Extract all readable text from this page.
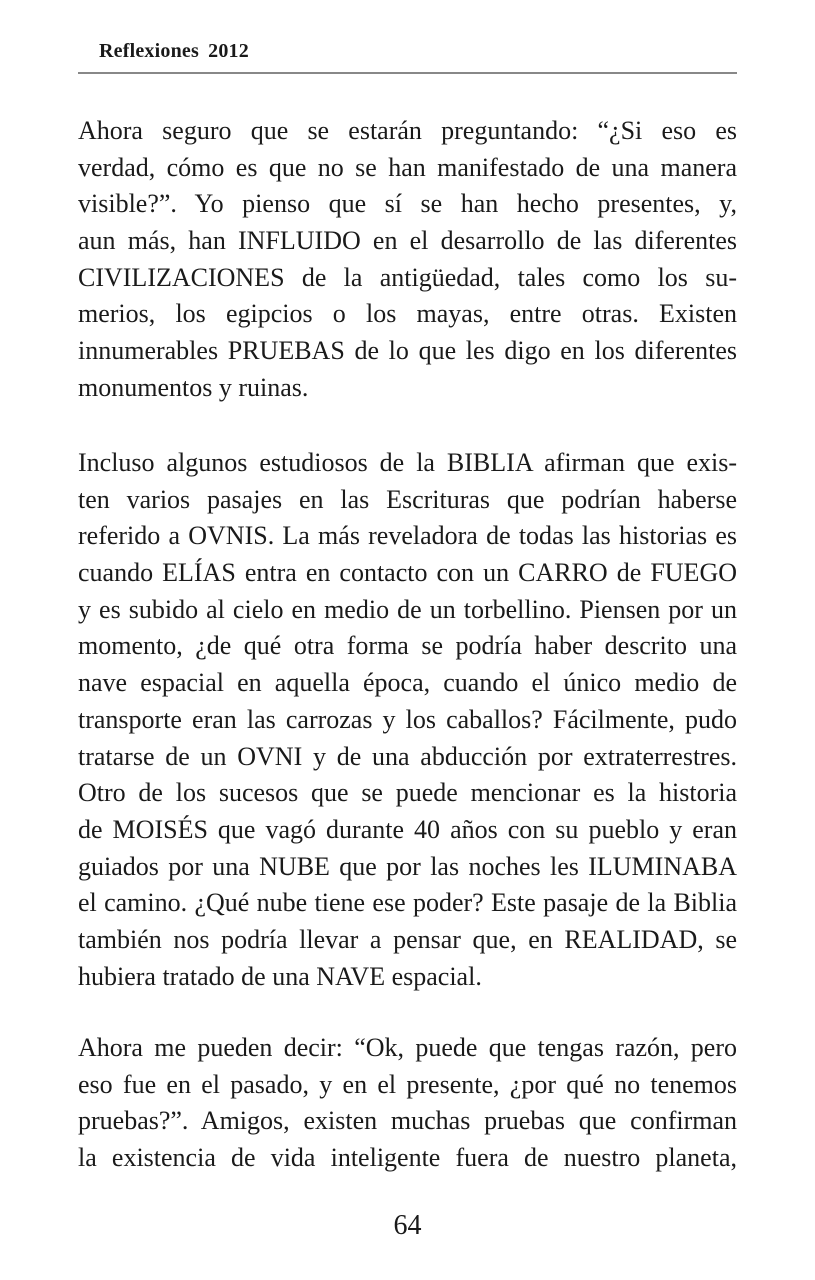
Reflexiones 2012
Ahora seguro que se estarán preguntando: “¿Si eso es
verdad, cómo es que no se han manifestado de una manera
visible?”. Yo pienso que sí se han hecho presentes, y,
aun más, han INFLUIDO en el desarrollo de las diferentes
CIVILIZACIONES de la antigüedad, tales como los su-
merios, los egipcios o los mayas, entre otras. Existen
innumerables PRUEBAS de lo que les digo en los diferentes
monumentos y ruinas.
Incluso algunos estudiosos de la BIBLIA afirman que exis-
ten varios pasajes en las Escrituras que podrían haberse
referido a OVNIS. La más reveladora de todas las historias es
cuando ELÍAS entra en contacto con un CARRO de FUEGO
y es subido al cielo en medio de un torbellino. Piensen por un
momento, ¿de qué otra forma se podría haber descrito una
nave espacial en aquella época, cuando el único medio de
transporte eran las carrozas y los caballos? Fácilmente, pudo
tratarse de un OVNI y de una abducción por extraterrestres.
Otro de los sucesos que se puede mencionar es la historia
de MOISÉS que vagó durante 40 años con su pueblo y eran
guiados por una NUBE que por las noches les ILUMINABA
el camino. ¿Qué nube tiene ese poder? Este pasaje de la Biblia
también nos podría llevar a pensar que, en REALIDAD, se
hubiera tratado de una NAVE espacial.
Ahora me pueden decir: “Ok, puede que tengas razón, pero
eso fue en el pasado, y en el presente, ¿por qué no tenemos
pruebas?”. Amigos, existen muchas pruebas que confirman
la existencia de vida inteligente fuera de nuestro planeta,
64
